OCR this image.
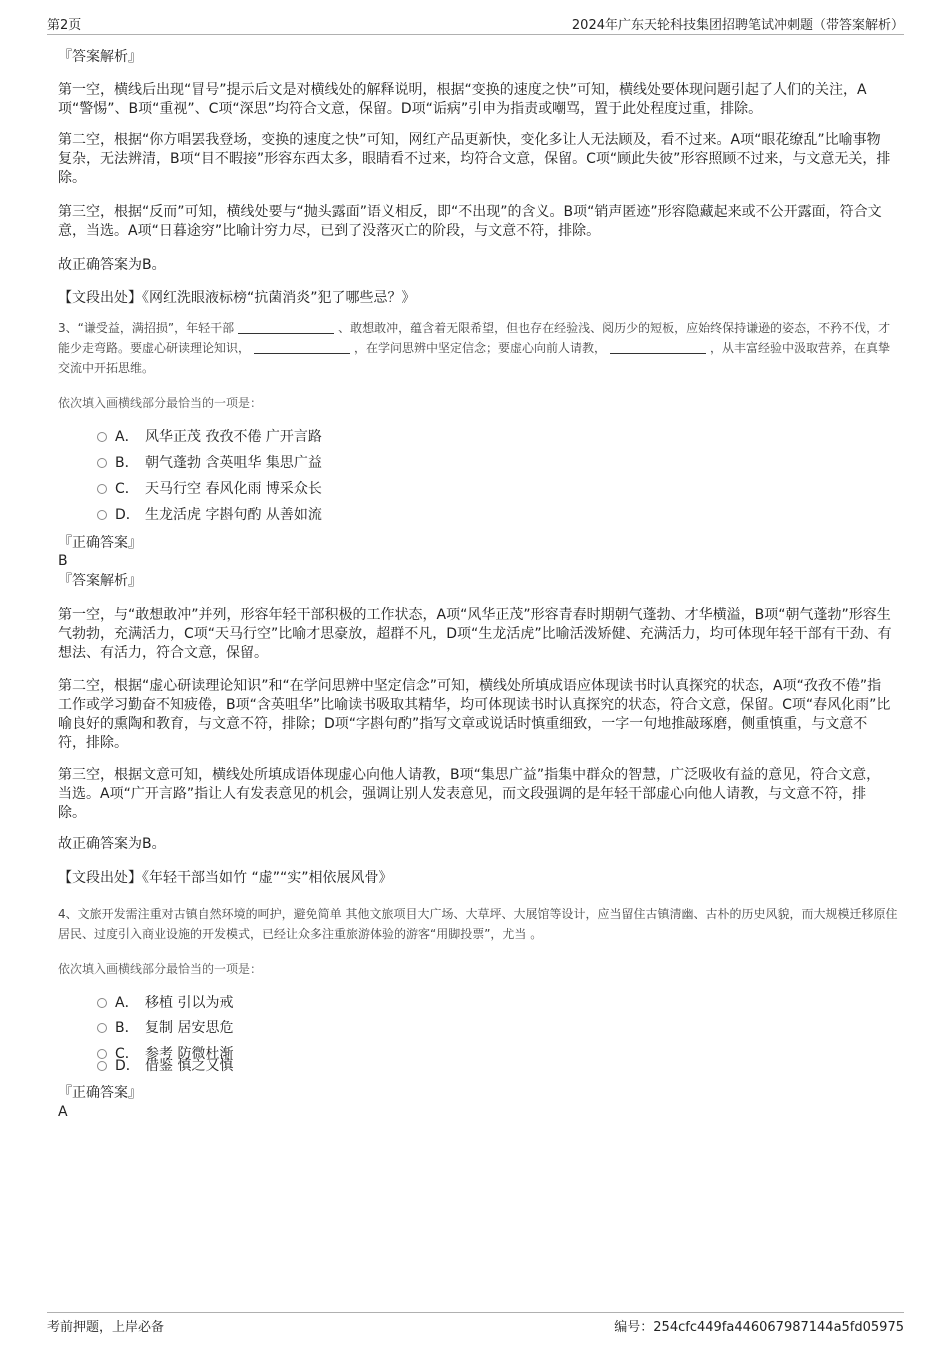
第2页	2024年广东天轮科技集团招聘笔试冲刺题（带答案解析）
『答案解析』
第一空，横线后出现“冒号”提示后文是对横线处的解释说明，根据“变换的速度之快”可知，横线处要体现问题引起了人们的关注，A项“警惕”、B项“重视”、C项“深思”均符合文意，保留。D项“诟病”引申为指责或嘲骂，置于此处程度过重，排除。
第二空，根据“你方唱罢我登场，变换的速度之快”可知，网红产品更新快，变化多让人无法顾及，看不过来。A项“眼花缭乱”比喻事物复杂，无法辨清，B项“目不暇接”形容东西太多，眼睛看不过来，均符合文意，保留。C项“顾此失彼”形容照顾不过来，与文意无关，排除。
第三空，根据“反而”可知，横线处要与“抛头露面”语义相反，即“不出现”的含义。B项“销声匿迹”形容隐藏起来或不公开露面，符合文意，当选。A项“日暮途穷”比喻计穷力尽，已到了没落灭亡的阶段，与文意不符，排除。
故正确答案为B。
【文段出处】《网红洗眼液标榜“抗菌消炎”犯了哪些忌？》
3、“谦受益，满招损”，年轻干部	、敢想敢冲，蕴含着无限希望，但也存在经验浅、阅历少的短板，应始终保持谦逊的姿态，不矜不伐，才能少走弯路。要虚心研读理论知识，	，在学问思辨中坚定信念；要虚心向前人请教，	，从丰富经验中汲取营养，在真挚交流中开拓思维。
依次填入画横线部分最恰当的一项是：
A． 风华正茂 孜孜不倦 广开言路
B． 朝气蓬勃 含英咀华 集思广益
C． 天马行空 春风化雨 博采众长
D． 生龙活虎 字斟句酌 从善如流
『正确答案』
B
『答案解析』
第一空，与“敢想敢冲”并列，形容年轻干部积极的工作状态，A项“风华正茂”形容青春时期朝气蓬勃、才华横溢，B项“朝气蓬勃”形容生气勃勃，充满活力，C项“天马行空”比喻才思豪放，超群不凡，D项“生龙活虎”比喻活泼矫健、充满活力，均可体现年轻干部有干劲、有想法、有活力，符合文意，保留。
第二空，根据“虚心研读理论知识”和“在学问思辨中坚定信念”可知，横线处所填成语应体现读书时认真探究的状态，A项“孜孜不倦”指工作或学习勤奋不知疲倦，B项“含英咀华”比喻读书吸取其精华，均可体现读书时认真探究的状态，符合文意，保留。C项“春风化雨”比喻良好的熏陶和教育，与文意不符，排除；D项“字斟句酌”指写文章或说话时慎重细致，一字一句地推敲琢磨，侧重慎重，与文意不符，排除。
第三空，根据文意可知，横线处所填成语体现虚心向他人请教，B项“集思广益”指集中群众的智慧，广泛吸收有益的意见，符合文意，当选。A项“广开言路”指让人有发表意见的机会，强调让别人发表意见，而文段强调的是年轻干部虚心向他人请教，与文意不符，排除。
故正确答案为B。
【文段出处】《年轻干部当如竹 “虚”“实”相依展风骨》
4、文旅开发需注重对古镇自然环境的呵护，避免简单 其他文旅项目大广场、大草坪、大展馆等设计，应当留住古镇清幽、古朴的历史风貌，而大规模迁移原住居民、过度引入商业设施的开发模式，已经让众多注重旅游体验的游客“用脚投票”，尤当 。
依次填入画横线部分最恰当的一项是：
A． 移植 引以为戒
B． 复制 居安思危
C． 参考 防微杜渐
D． 借鉴 慎之又慎
『正确答案』
A
考前押题，上岸必备	编号：254cfc449fa446067987144a5fd05975
